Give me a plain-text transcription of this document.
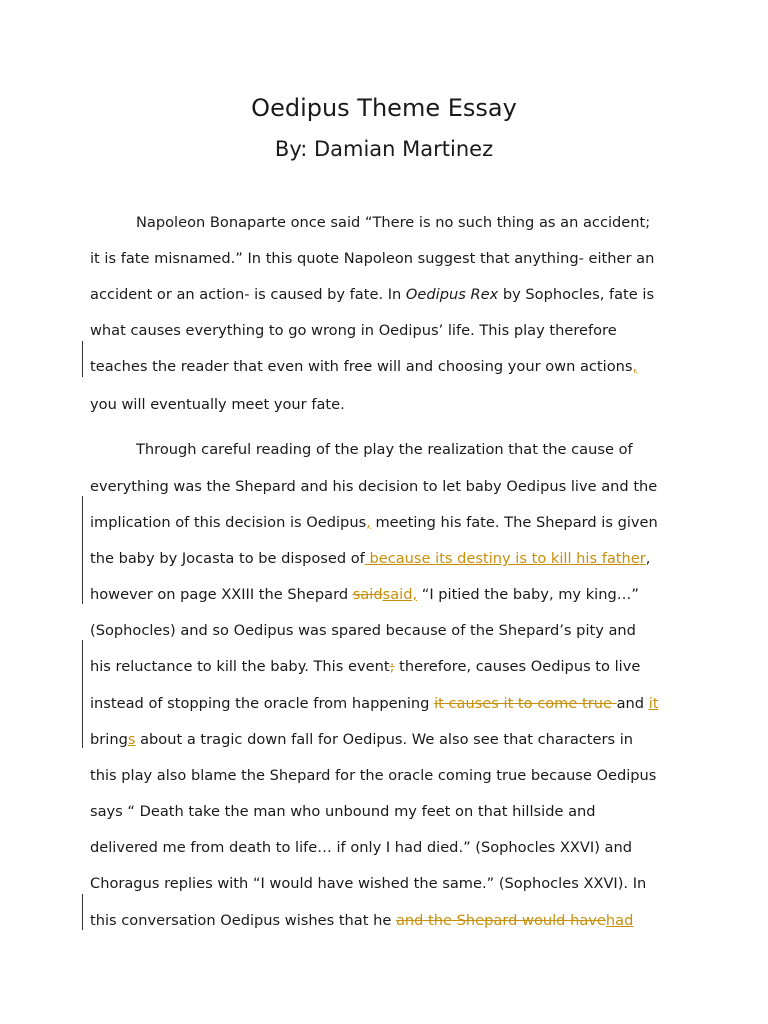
Oedipus Theme Essay
By: Damian Martinez
Napoleon Bonaparte once said “There is no such thing as an accident;
it is fate misnamed.” In this quote Napoleon suggest that anything- either an
accident or an action- is caused by fate. In Oedipus Rex by Sophocles, fate is
what causes everything to go wrong in Oedipus’ life. This play therefore
teaches the reader that even with free will and choosing your own actions,
you will eventually meet your fate.
Through careful reading of the play the realization that the cause of
everything was the Shepard and his decision to let baby Oedipus live and the
implication of this decision is Oedipus, meeting his fate. The Shepard is given
the baby by Jocasta to be disposed of because its destiny is to kill his father,
however on page XXIII the Shepard saidsaid, “I pitied the baby, my king…”
(Sophocles) and so Oedipus was spared because of the Shepard’s pity and
his reluctance to kill the baby. This event; therefore, causes Oedipus to live
instead of stopping the oracle from happening it causes it to come true and it
brings about a tragic down fall for Oedipus. We also see that characters in
this play also blame the Shepard for the oracle coming true because Oedipus
says “ Death take the man who unbound my feet on that hillside and
delivered me from death to life… if only I had died.” (Sophocles XXVI) and
Choragus replies with “I would have wished the same.” (Sophocles XXVI). In
this conversation Oedipus wishes that he and the Shepard would havehad
